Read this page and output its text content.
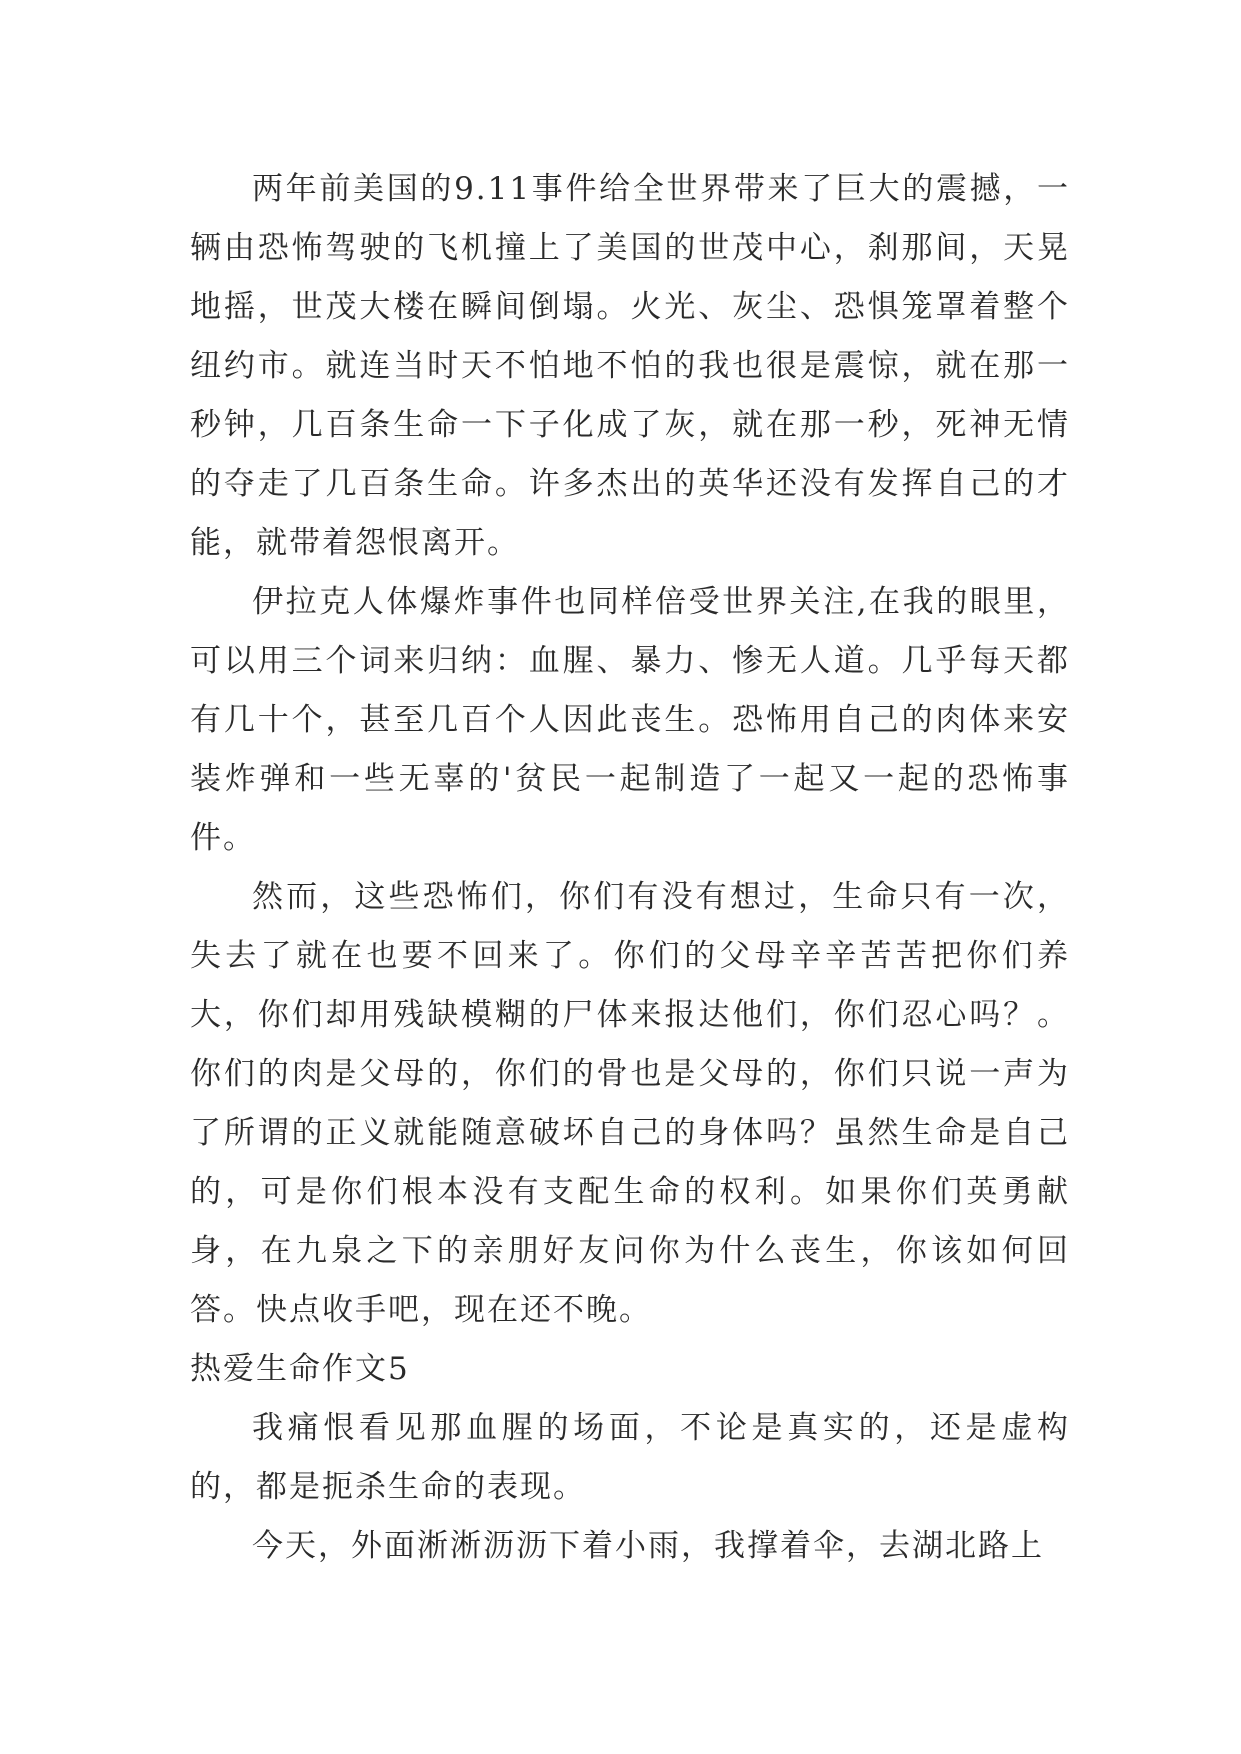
两年前美国的9.11事件给全世界带来了巨大的震撼，一辆由恐怖驾驶的飞机撞上了美国的世茂中心，刹那间，天晃地摇，世茂大楼在瞬间倒塌。火光、灰尘、恐惧笼罩着整个纽约市。就连当时天不怕地不怕的我也很是震惊，就在那一秒钟，几百条生命一下子化成了灰，就在那一秒，死神无情的夺走了几百条生命。许多杰出的英华还没有发挥自己的才能，就带着怨恨离开。

伊拉克人体爆炸事件也同样倍受世界关注,在我的眼里，可以用三个词来归纳：血腥、暴力、惨无人道。几乎每天都有几十个，甚至几百个人因此丧生。恐怖用自己的肉体来安装炸弹和一些无辜的'贫民一起制造了一起又一起的恐怖事件。

然而，这些恐怖们，你们有没有想过，生命只有一次，失去了就在也要不回来了。你们的父母辛辛苦苦把你们养大，你们却用残缺模糊的尸体来报达他们，你们忍心吗？。你们的肉是父母的，你们的骨也是父母的，你们只说一声为了所谓的正义就能随意破坏自己的身体吗？虽然生命是自己的，可是你们根本没有支配生命的权利。如果你们英勇献身，在九泉之下的亲朋好友问你为什么丧生，你该如何回答。快点收手吧，现在还不晚。

热爱生命作文5

我痛恨看见那血腥的场面，不论是真实的，还是虚构的，都是扼杀生命的表现。

今天，外面淅淅沥沥下着小雨，我撑着伞，去湖北路上
